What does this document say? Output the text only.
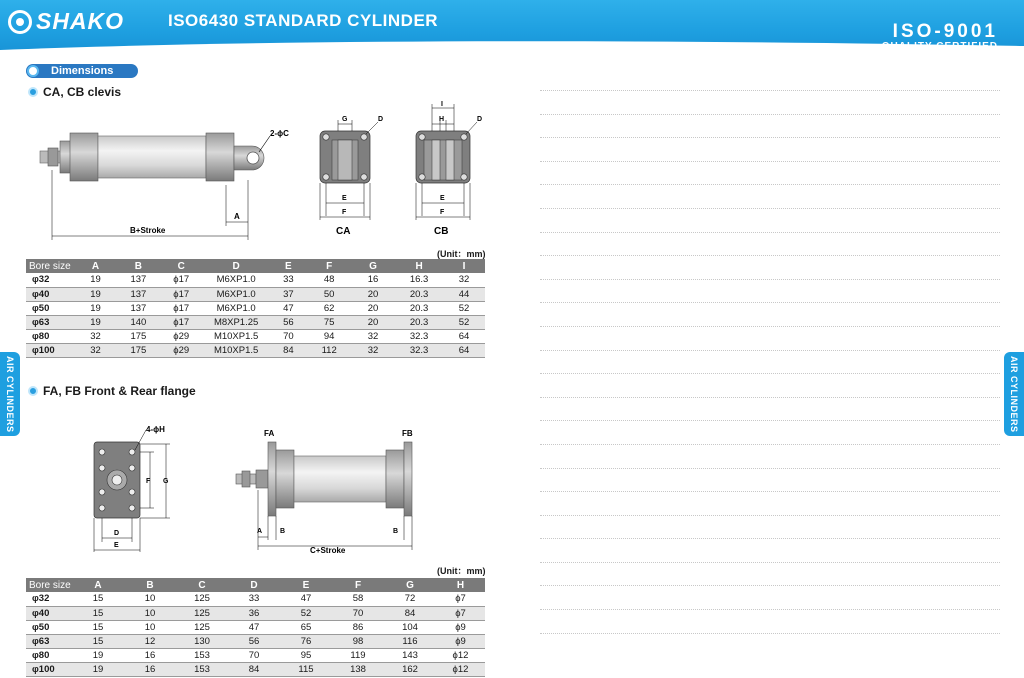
SHAKO	ISO6430 STANDARD CYLINDER
ISO-9001
QUALITY CERTIFIED
Dimensions
CA, CB clevis
FA, FB Front & Rear flange
AIR CYLINDERS	AIR CYLINDERS
2-ϕC
A
B+Stroke
G	D
E
F
CA
I
H	D
E
F
CB
(Unit：mm)
Bore size	A	B	C	D	E	F	G	H	I
φ32	19	137	ϕ17	M6XP1.0	33	48	16	16.3	32
φ40	19	137	ϕ17	M6XP1.0	37	50	20	20.3	44
φ50	19	137	ϕ17	M6XP1.0	47	62	20	20.3	52
φ63	19	140	ϕ17	M8XP1.25	56	75	20	20.3	52
φ80	32	175	ϕ29	M10XP1.5	70	94	32	32.3	64
φ100	32	175	ϕ29	M10XP1.5	84	112	32	32.3	64
4-ϕH
F G
D
E
FA	FB
A	B	B
C+Stroke
(Unit：mm)
Bore size	A	B	C	D	E	F	G	H
φ32	15	10	125	33	47	58	72	ϕ7
φ40	15	10	125	36	52	70	84	ϕ7
φ50	15	10	125	47	65	86	104	ϕ9
φ63	15	12	130	56	76	98	116	ϕ9
φ80	19	16	153	70	95	119	143	ϕ12
φ100	19	16	153	84	115	138	162	ϕ12
